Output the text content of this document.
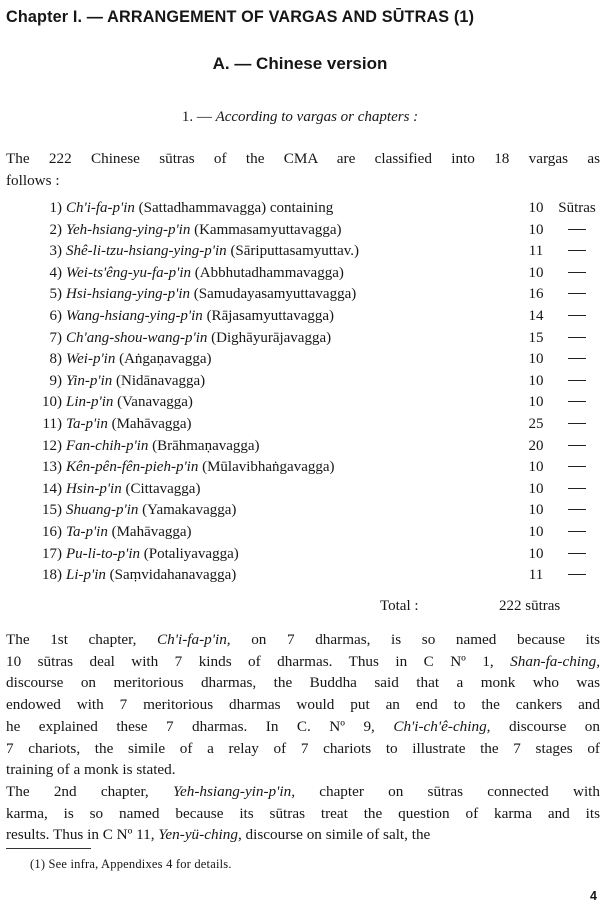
Chapter I. — ARRANGEMENT OF VARGAS AND SŪTRAS (1)
A. — Chinese version
1. — According to vargas or chapters :
The 222 Chinese sūtras of the CMA are classified into 18 vargas as
follows :
1) Ch'i-fa-p'in (Sattadhammavagga) containing	10 Sūtras
2) Yeh-hsiang-ying-p'in (Kammasamyuttavagga)	10
3) Shê-li-tzu-hsiang-ying-p'in (Sāriputtasamyuttav.)	11
4) Wei-ts'êng-yu-fa-p'in (Abbhutadhammavagga)	10
5) Hsi-hsiang-ying-p'in (Samudayasamyuttavagga)	16
6) Wang-hsiang-ying-p'in (Rājasamyuttavagga)	14
7) Ch'ang-shou-wang-p'in (Dighāyurājavagga)	15
8) Wei-p'in (Aṅgaṇavagga)	10
9) Yin-p'in (Nidānavagga)	10
10) Lin-p'in (Vanavagga)	10
11) Ta-p'in (Mahāvagga)	25
12) Fan-chih-p'in (Brāhmaṇavagga)	20
13) Kên-pên-fên-pieh-p'in (Mūlavibhaṅgavagga)	10
14) Hsin-p'in (Cittavagga)	10
15) Shuang-p'in (Yamakavagga)	10
16) Ta-p'in (Mahāvagga)	10
17) Pu-li-to-p'in (Potaliyavagga)	10
18) Li-p'in (Saṃvidahanavagga)	11
Total :	222 sūtras
The 1st chapter, Ch'i-fa-p'in, on 7 dharmas, is so named because its
10 sūtras deal with 7 kinds of dharmas. Thus in C Nº 1, Shan-fa-ching,
discourse on meritorious dharmas, the Buddha said that a monk who was
endowed with 7 meritorious dharmas would put an end to the cankers and
he explained these 7 dharmas. In C. Nº 9, Ch'i-ch'ê-ching, discourse on
7 chariots, the simile of a relay of 7 chariots to illustrate the 7 stages of
training of a monk is stated.
The 2nd chapter, Yeh-hsiang-yin-p'in, chapter on sūtras connected with
karma, is so named because its sūtras treat the question of karma and its
results. Thus in C Nº 11, Yen-yü-ching, discourse on simile of salt, the
(1) See infra, Appendixes 4 for details.
4
